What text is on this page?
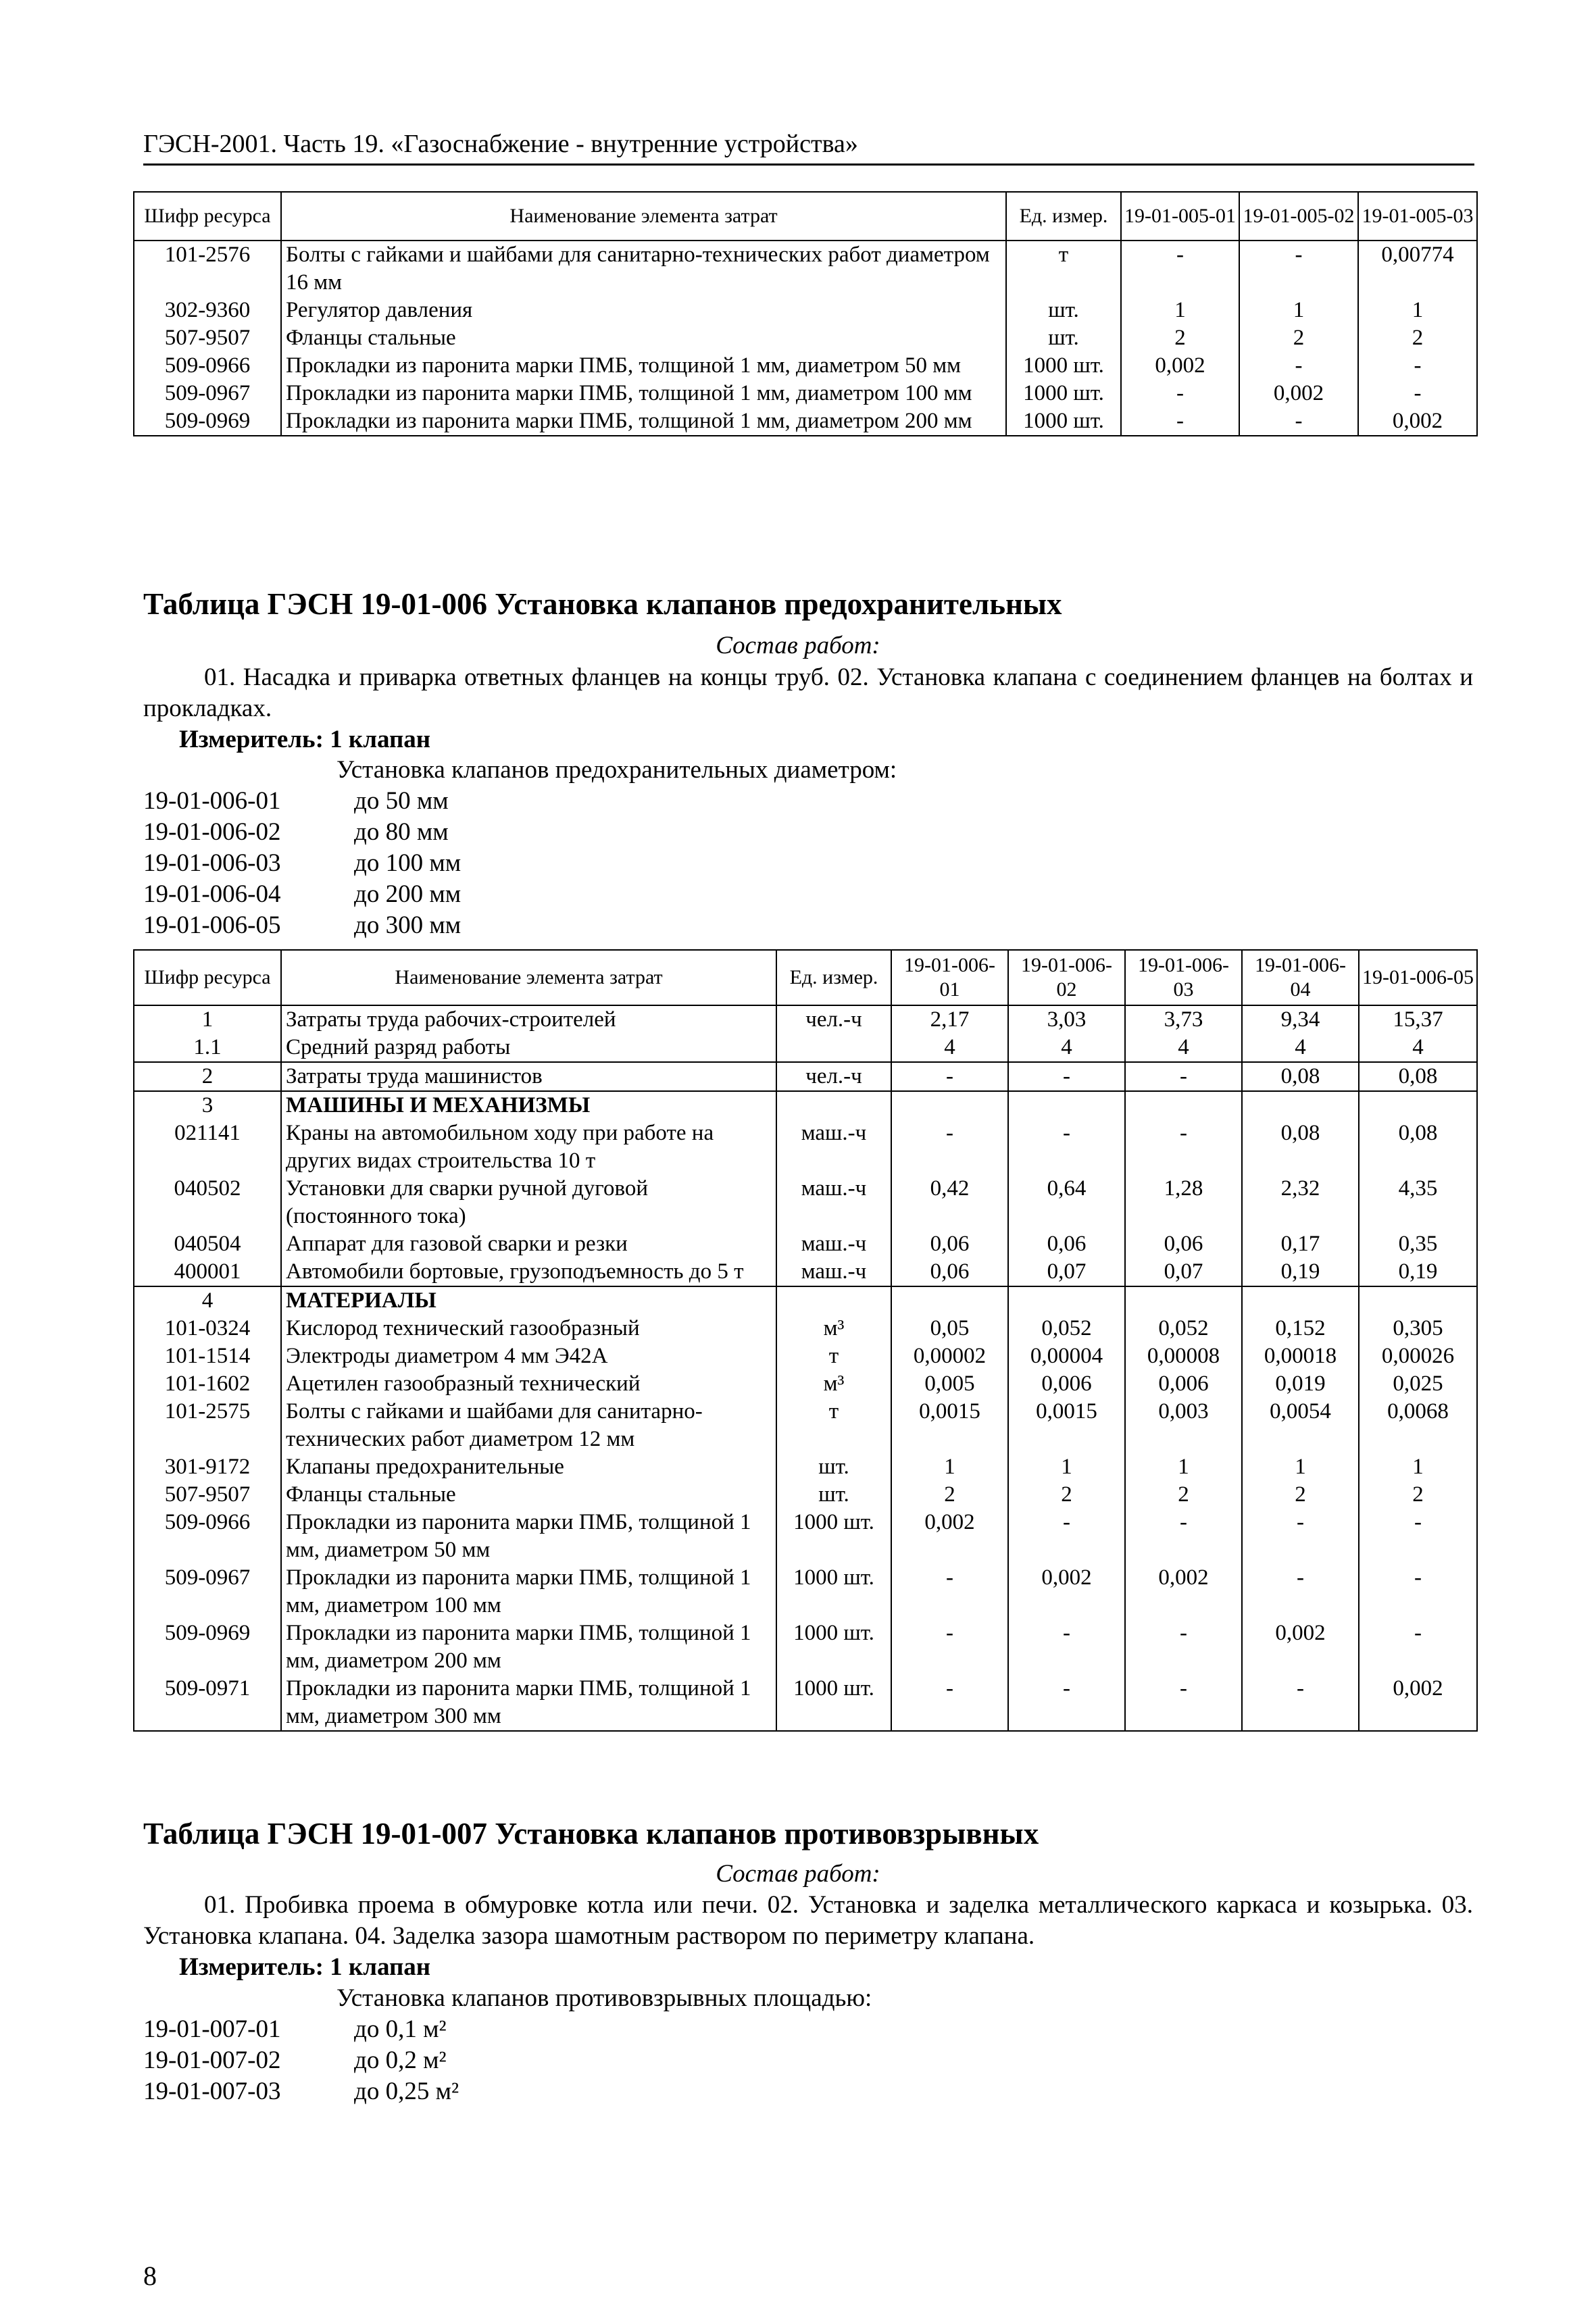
ГЭСН-2001. Часть 19. «Газоснабжение - внутренние устройства»
Шифр ресурса	Наименование элемента затрат	Ед. измер.	19-01-005-01	19-01-005-02	19-01-005-03
101-2576	Болты с гайками и шайбами для санитарно-технических работ диаметром 16 мм	т	-	-	0,00774
302-9360	Регулятор давления	шт.	1	1	1
507-9507	Фланцы стальные	шт.	2	2	2
509-0966	Прокладки из паронита марки ПМБ, толщиной 1 мм, диаметром 50 мм	1000 шт.	0,002	-	-
509-0967	Прокладки из паронита марки ПМБ, толщиной 1 мм, диаметром 100 мм	1000 шт.	-	0,002	-
509-0969	Прокладки из паронита марки ПМБ, толщиной 1 мм, диаметром 200 мм	1000 шт.	-	-	0,002
Таблица ГЭСН 19-01-006 Установка клапанов предохранительных
Состав работ:
01. Насадка и приварка ответных фланцев на концы труб. 02. Установка клапана с соединением фланцев на болтах и прокладках.
Измеритель: 1 клапан
Установка клапанов предохранительных диаметром:
19-01-006-01	до 50 мм
19-01-006-02	до 80 мм
19-01-006-03	до 100 мм
19-01-006-04	до 200 мм
19-01-006-05	до 300 мм
Шифр ресурса	Наименование элемента затрат	Ед. измер.	19-01-006-01	19-01-006-02	19-01-006-03	19-01-006-04	19-01-006-05
1	Затраты труда рабочих-строителей	чел.-ч	2,17	3,03	3,73	9,34	15,37
1.1	Средний разряд работы		4	4	4	4	4
2	Затраты труда машинистов	чел.-ч	-	-	-	0,08	0,08
3	МАШИНЫ И МЕХАНИЗМЫ						
021141	Краны на автомобильном ходу при работе на других видах строительства 10 т	маш.-ч	-	-	-	0,08	0,08
040502	Установки для сварки ручной дуговой (постоянного тока)	маш.-ч	0,42	0,64	1,28	2,32	4,35
040504	Аппарат для газовой сварки и резки	маш.-ч	0,06	0,06	0,06	0,17	0,35
400001	Автомобили бортовые, грузоподъемность до 5 т	маш.-ч	0,06	0,07	0,07	0,19	0,19
4	МАТЕРИАЛЫ						
101-0324	Кислород технический газообразный	м³	0,05	0,052	0,052	0,152	0,305
101-1514	Электроды диаметром 4 мм Э42А	т	0,00002	0,00004	0,00008	0,00018	0,00026
101-1602	Ацетилен газообразный технический	м³	0,005	0,006	0,006	0,019	0,025
101-2575	Болты с гайками и шайбами для санитарно-технических работ диаметром 12 мм	т	0,0015	0,0015	0,003	0,0054	0,0068
301-9172	Клапаны предохранительные	шт.	1	1	1	1	1
507-9507	Фланцы стальные	шт.	2	2	2	2	2
509-0966	Прокладки из паронита марки ПМБ, толщиной 1 мм, диаметром 50 мм	1000 шт.	0,002	-	-	-	-
509-0967	Прокладки из паронита марки ПМБ, толщиной 1 мм, диаметром 100 мм	1000 шт.	-	0,002	0,002	-	-
509-0969	Прокладки из паронита марки ПМБ, толщиной 1 мм, диаметром 200 мм	1000 шт.	-	-	-	0,002	-
509-0971	Прокладки из паронита марки ПМБ, толщиной 1 мм, диаметром 300 мм	1000 шт.	-	-	-	-	0,002
Таблица ГЭСН 19-01-007 Установка клапанов противовзрывных
Состав работ:
01. Пробивка проема в обмуровке котла или печи. 02. Установка и заделка металлического каркаса и козырька. 03. Установка клапана. 04. Заделка зазора шамотным раствором по периметру клапана.
Измеритель: 1 клапан
Установка клапанов противовзрывных площадью:
19-01-007-01	до 0,1 м²
19-01-007-02	до 0,2 м²
19-01-007-03	до 0,25 м²
8
